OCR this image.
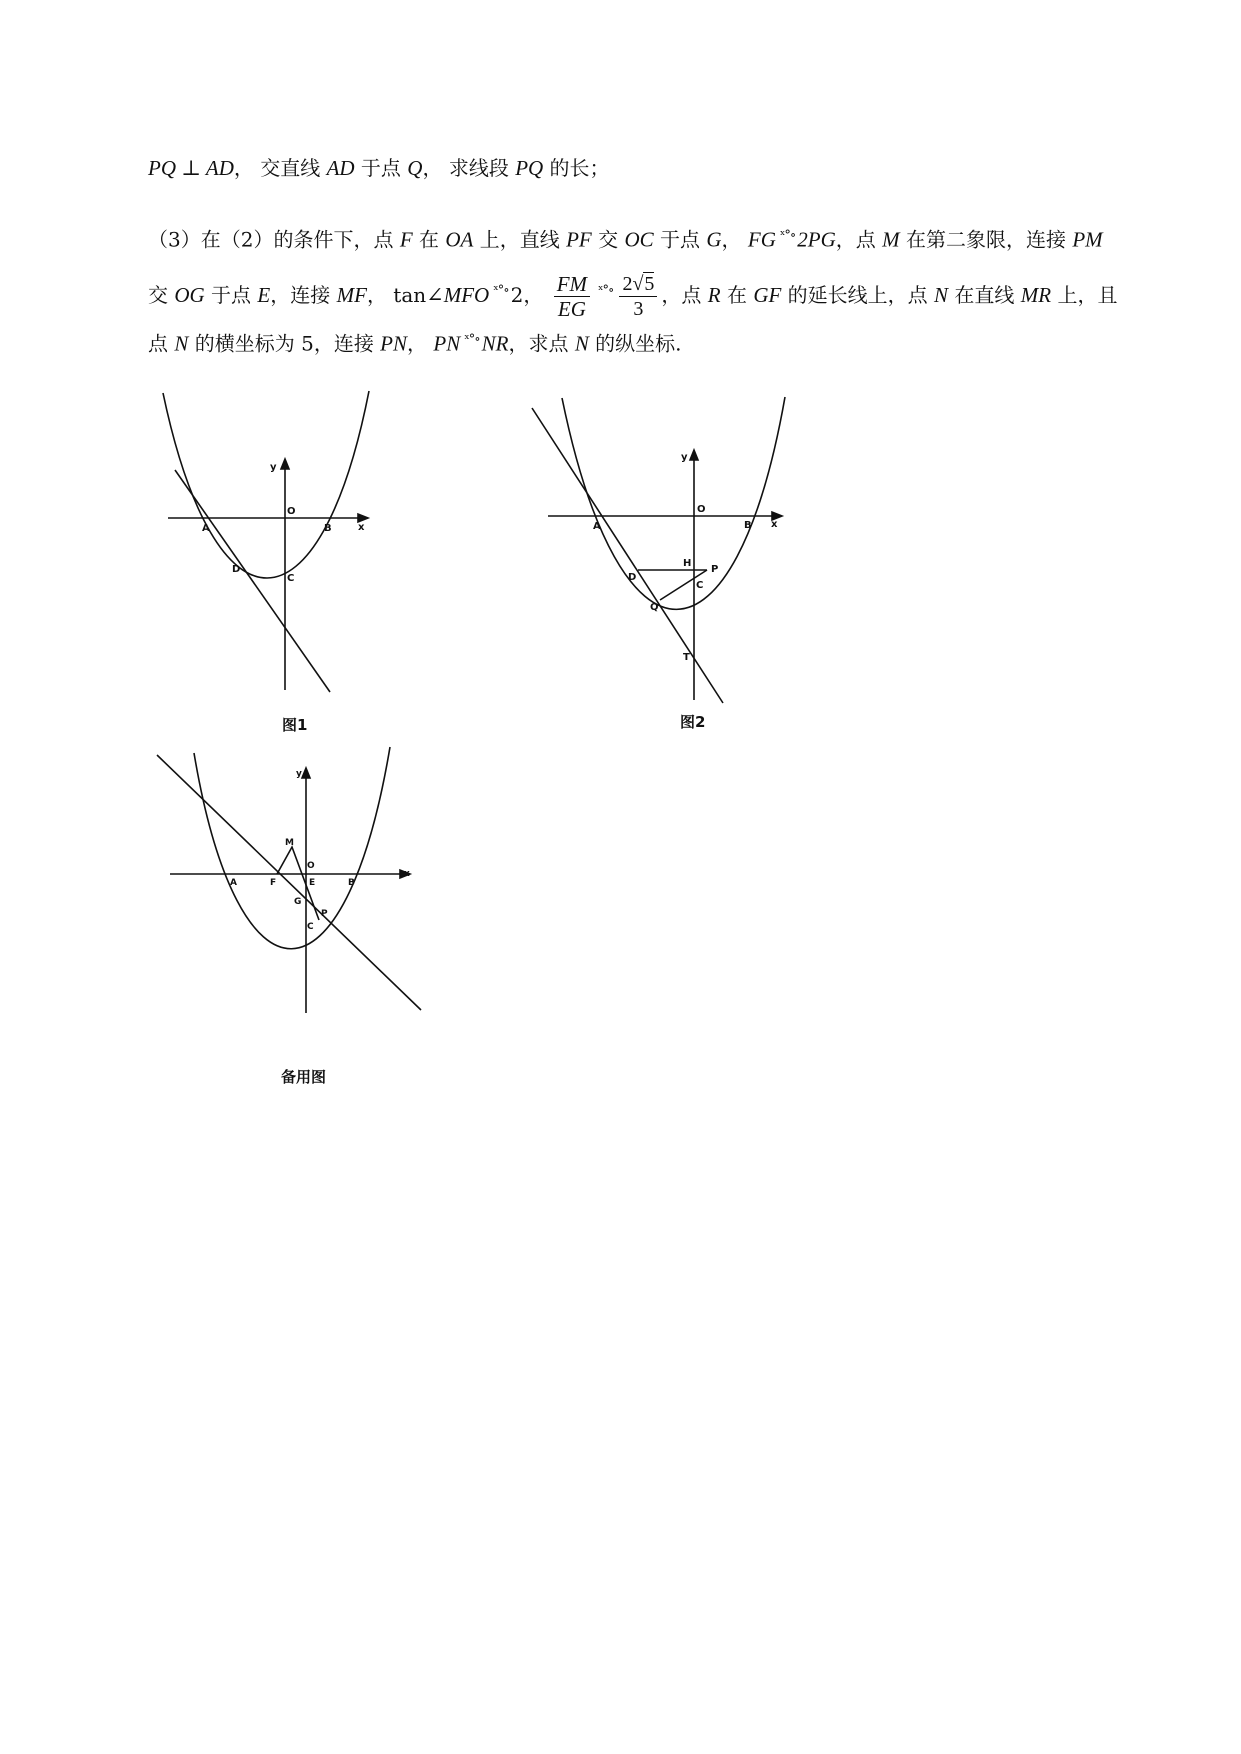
PQ ⊥ AD， 交直线 AD 于点 Q， 求线段 PQ 的长；
（3）在（2）的条件下，点 F 在 OA 上，直线 PF 交 OC 于点 G， FG $^{ˣ^\circ\circ}$2PG，点 M 在第二象限，连接 PM
交 OG 于点 E，连接 MF， tan∠MFO $^{ˣ^\circ\circ}$ 2， $\frac{FM}{EG} ^{ˣ^\circ\circ} \frac{2√5}{3}$ ，点 R 在 GF 的延长线上，点 N 在直线 MR 上，且
点 N 的横坐标为 5，连接 PN， PN $^{ˣ^\circ\circ}$NR，求点 N 的纵坐标.
y
x
O
A	B
D
C
图1
y
x
O
A	B
H
P
D
C
Q
T
图2
y
x
M
O
A	F	E	B
G
P
C
备用图
